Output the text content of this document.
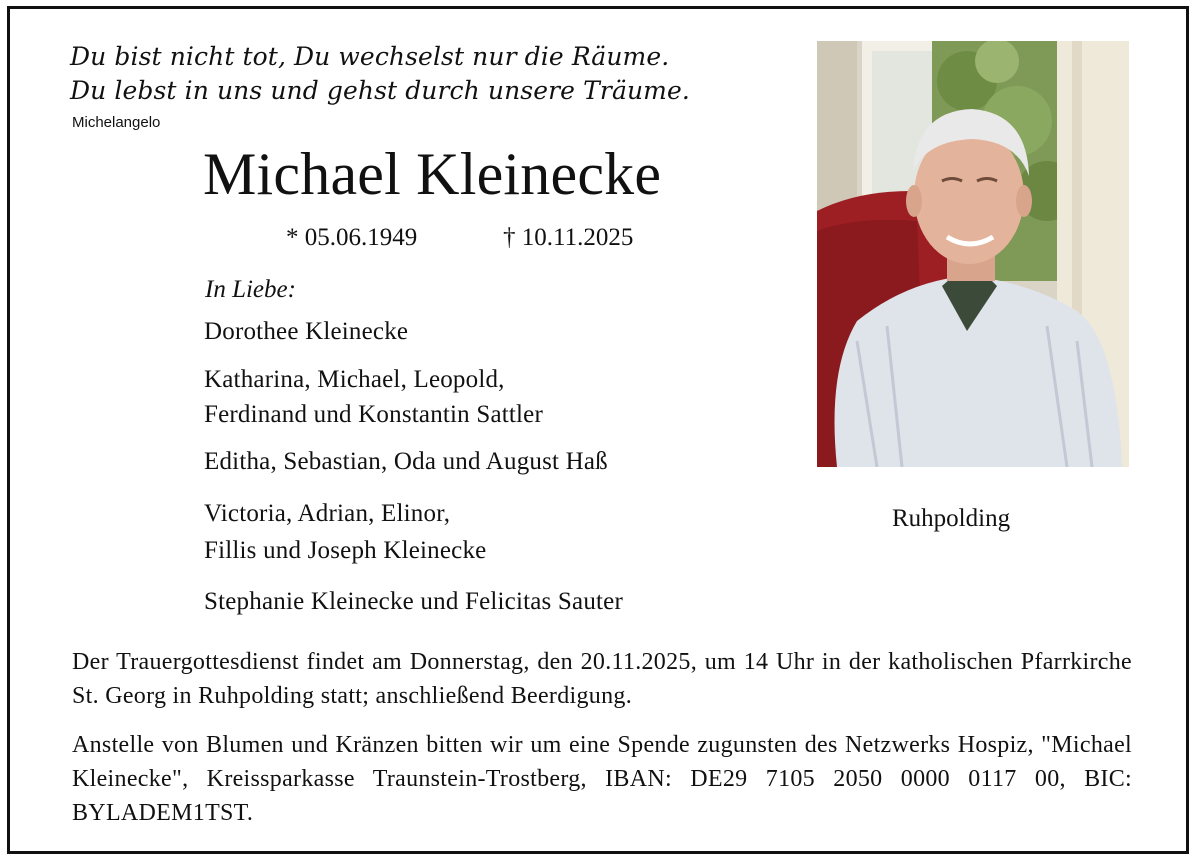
Du bist nicht tot, Du wechselst nur die Räume.
Du lebst in uns und gehst durch unsere Träume.
Michelangelo
Michael Kleinecke
* 05.06.1949	† 10.11.2025
In Liebe:
Dorothee Kleinecke
Katharina, Michael, Leopold,
Ferdinand und Konstantin Sattler
Editha, Sebastian, Oda und August Haß
Victoria, Adrian, Elinor,
Fillis und Joseph Kleinecke
Stephanie Kleinecke und Felicitas Sauter
Ruhpolding
Der Trauergottesdienst findet am Donnerstag, den 20.11.2025, um 14 Uhr in der katholischen Pfarrkirche St. Georg in Ruhpolding statt; anschließend Beerdigung.
Anstelle von Blumen und Kränzen bitten wir um eine Spende zugunsten des Netzwerks Hospiz, "Michael Kleinecke", Kreissparkasse Traunstein-Trostberg, IBAN: DE29 7105 2050 0000 0117 00, BIC: BYLADEM1TST.
